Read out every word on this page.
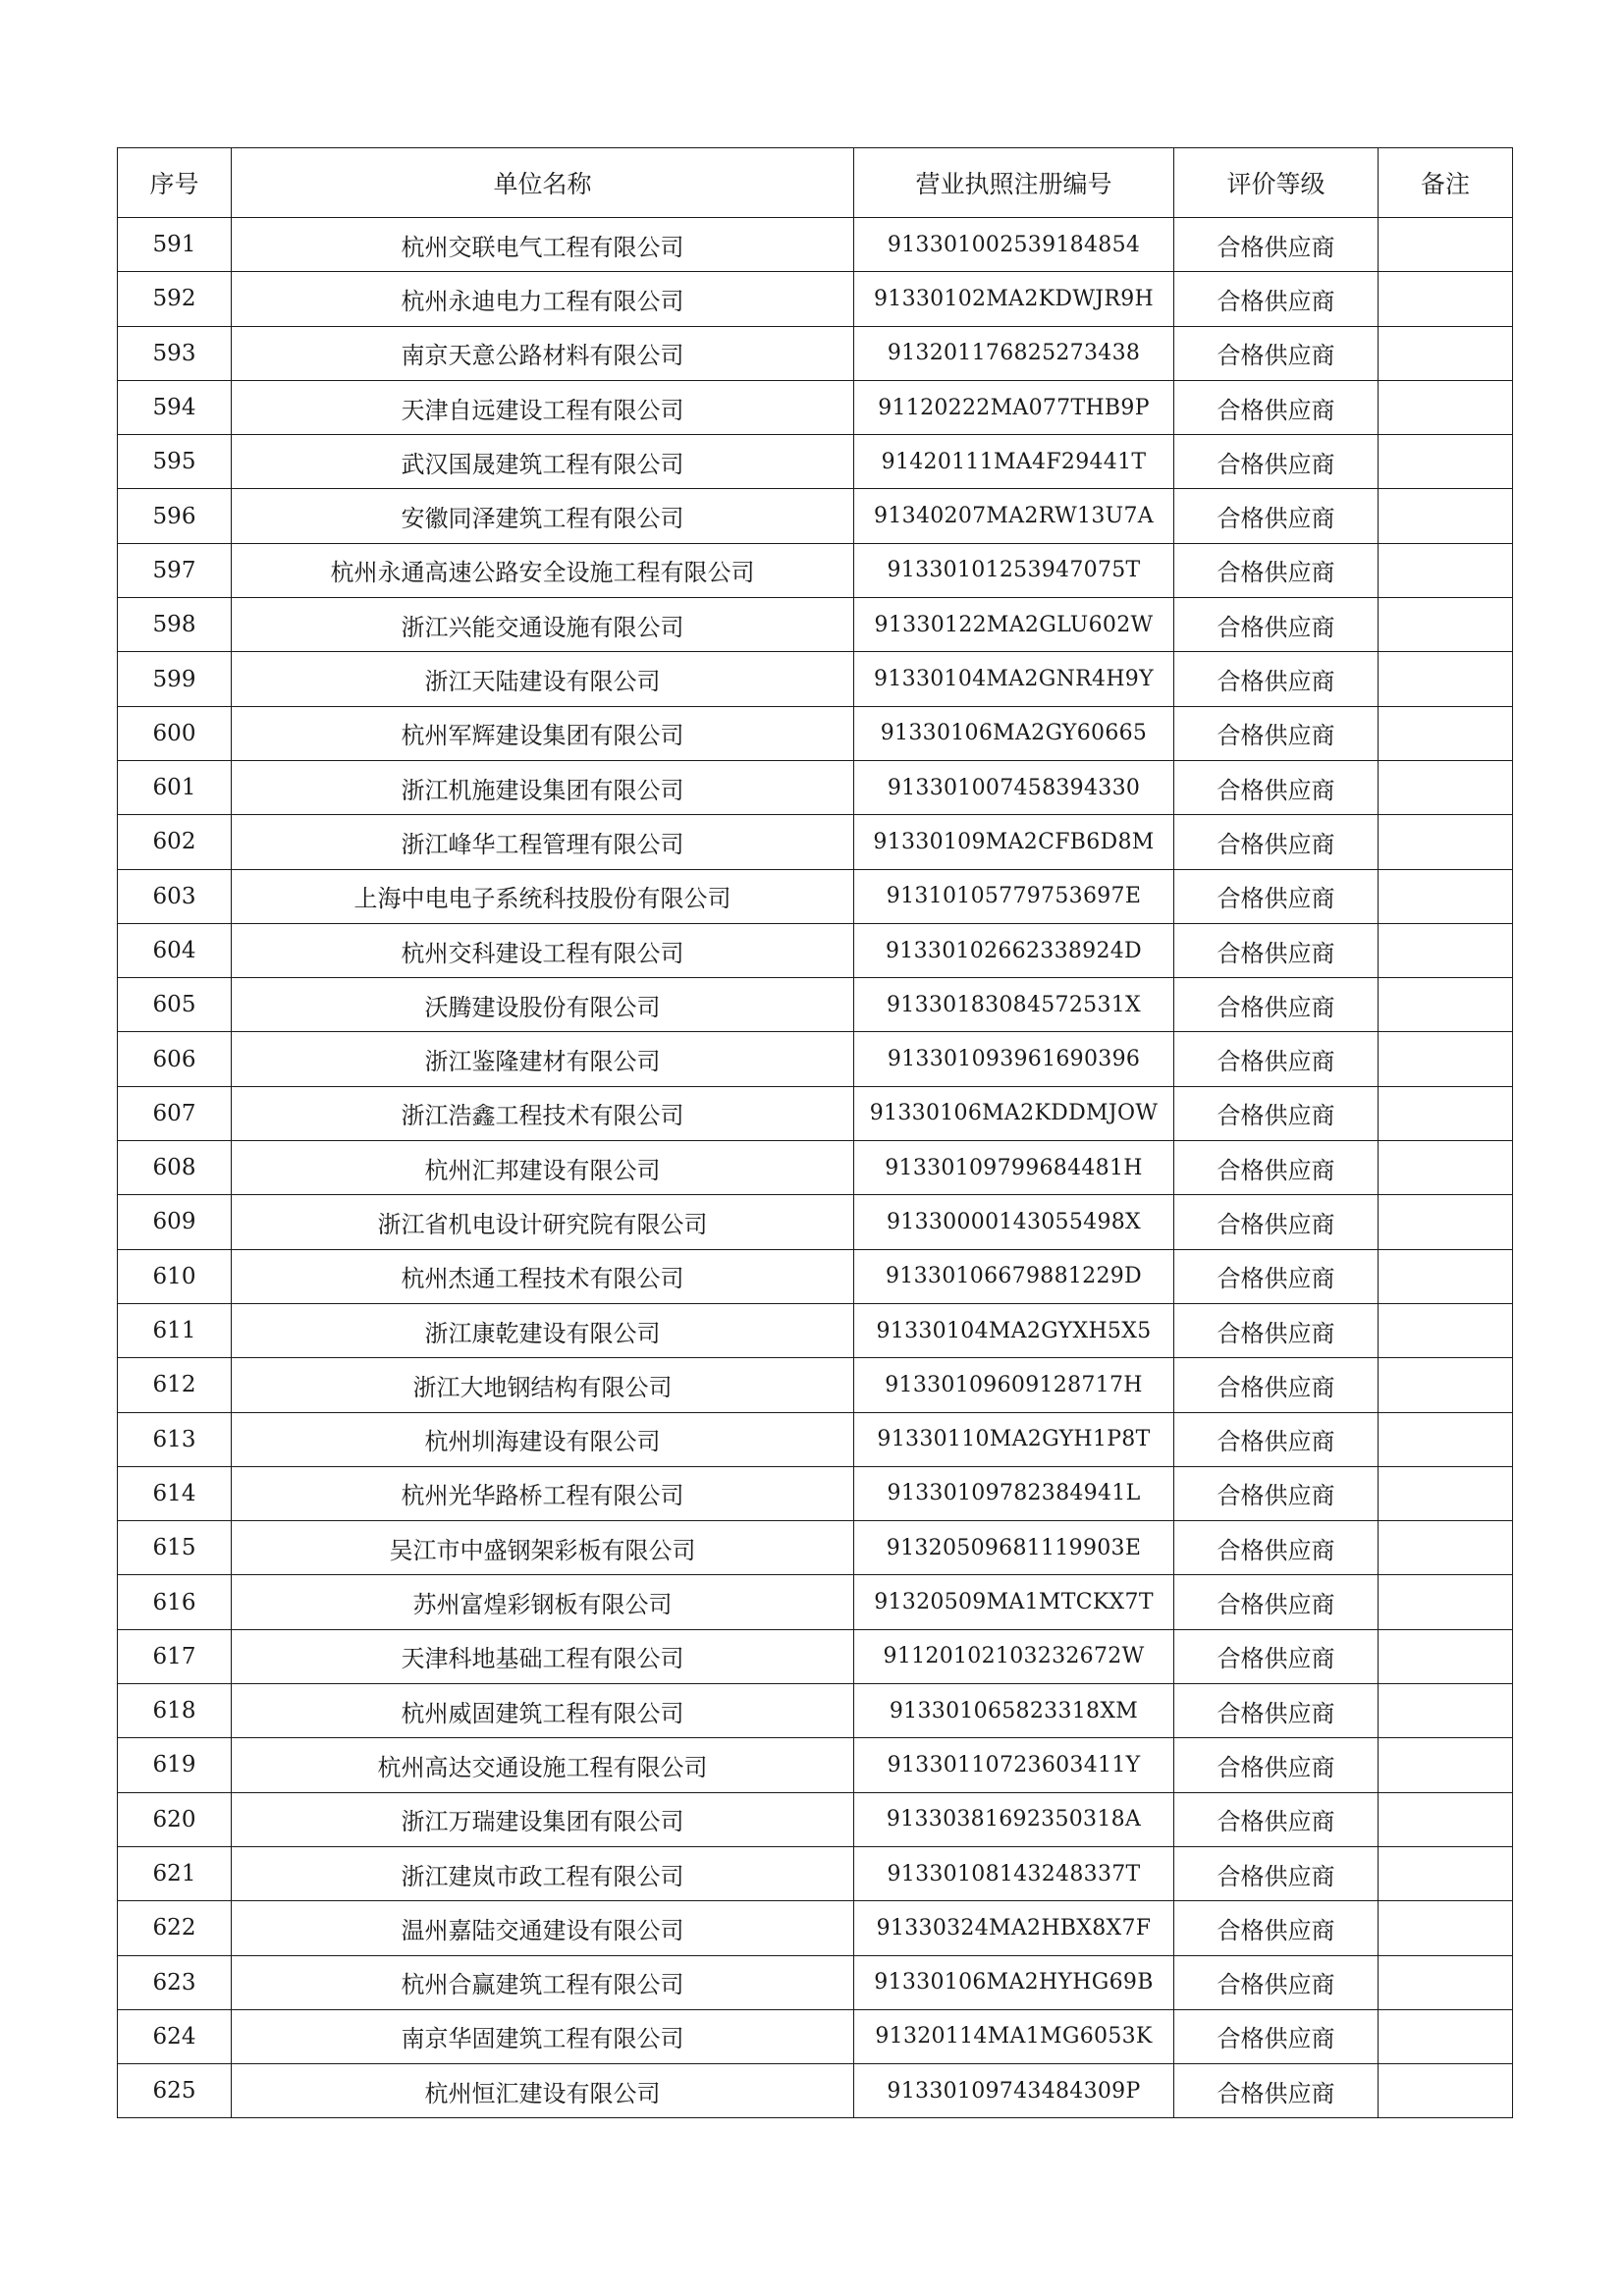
序号	单位名称	营业执照注册编号	评价等级	备注
591	杭州交联电气工程有限公司	913301002539184854	合格供应商	
592	杭州永迪电力工程有限公司	91330102MA2KDWJR9H	合格供应商	
593	南京天意公路材料有限公司	913201176825273438	合格供应商	
594	天津自远建设工程有限公司	91120222MA077THB9P	合格供应商	
595	武汉国晟建筑工程有限公司	91420111MA4F29441T	合格供应商	
596	安徽同泽建筑工程有限公司	91340207MA2RW13U7A	合格供应商	
597	杭州永通高速公路安全设施工程有限公司	91330101253947075T	合格供应商	
598	浙江兴能交通设施有限公司	91330122MA2GLU602W	合格供应商	
599	浙江天陆建设有限公司	91330104MA2GNR4H9Y	合格供应商	
600	杭州军辉建设集团有限公司	91330106MA2GY60665	合格供应商	
601	浙江机施建设集团有限公司	913301007458394330	合格供应商	
602	浙江峰华工程管理有限公司	91330109MA2CFB6D8M	合格供应商	
603	上海中电电子系统科技股份有限公司	91310105779753697E	合格供应商	
604	杭州交科建设工程有限公司	91330102662338924D	合格供应商	
605	沃腾建设股份有限公司	91330183084572531X	合格供应商	
606	浙江鉴隆建材有限公司	913301093961690396	合格供应商	
607	浙江浩鑫工程技术有限公司	91330106MA2KDDMJOW	合格供应商	
608	杭州汇邦建设有限公司	91330109799684481H	合格供应商	
609	浙江省机电设计研究院有限公司	91330000143055498X	合格供应商	
610	杭州杰通工程技术有限公司	91330106679881229D	合格供应商	
611	浙江康乾建设有限公司	91330104MA2GYXH5X5	合格供应商	
612	浙江大地钢结构有限公司	91330109609128717H	合格供应商	
613	杭州圳海建设有限公司	91330110MA2GYH1P8T	合格供应商	
614	杭州光华路桥工程有限公司	91330109782384941L	合格供应商	
615	吴江市中盛钢架彩板有限公司	91320509681119903E	合格供应商	
616	苏州富煌彩钢板有限公司	91320509MA1MTCKX7T	合格供应商	
617	天津科地基础工程有限公司	91120102103232672W	合格供应商	
618	杭州威固建筑工程有限公司	913301065823318XM	合格供应商	
619	杭州高达交通设施工程有限公司	91330110723603411Y	合格供应商	
620	浙江万瑞建设集团有限公司	91330381692350318A	合格供应商	
621	浙江建岚市政工程有限公司	91330108143248337T	合格供应商	
622	温州嘉陆交通建设有限公司	91330324MA2HBX8X7F	合格供应商	
623	杭州合赢建筑工程有限公司	91330106MA2HYHG69B	合格供应商	
624	南京华固建筑工程有限公司	91320114MA1MG6053K	合格供应商	
625	杭州恒汇建设有限公司	91330109743484309P	合格供应商	
